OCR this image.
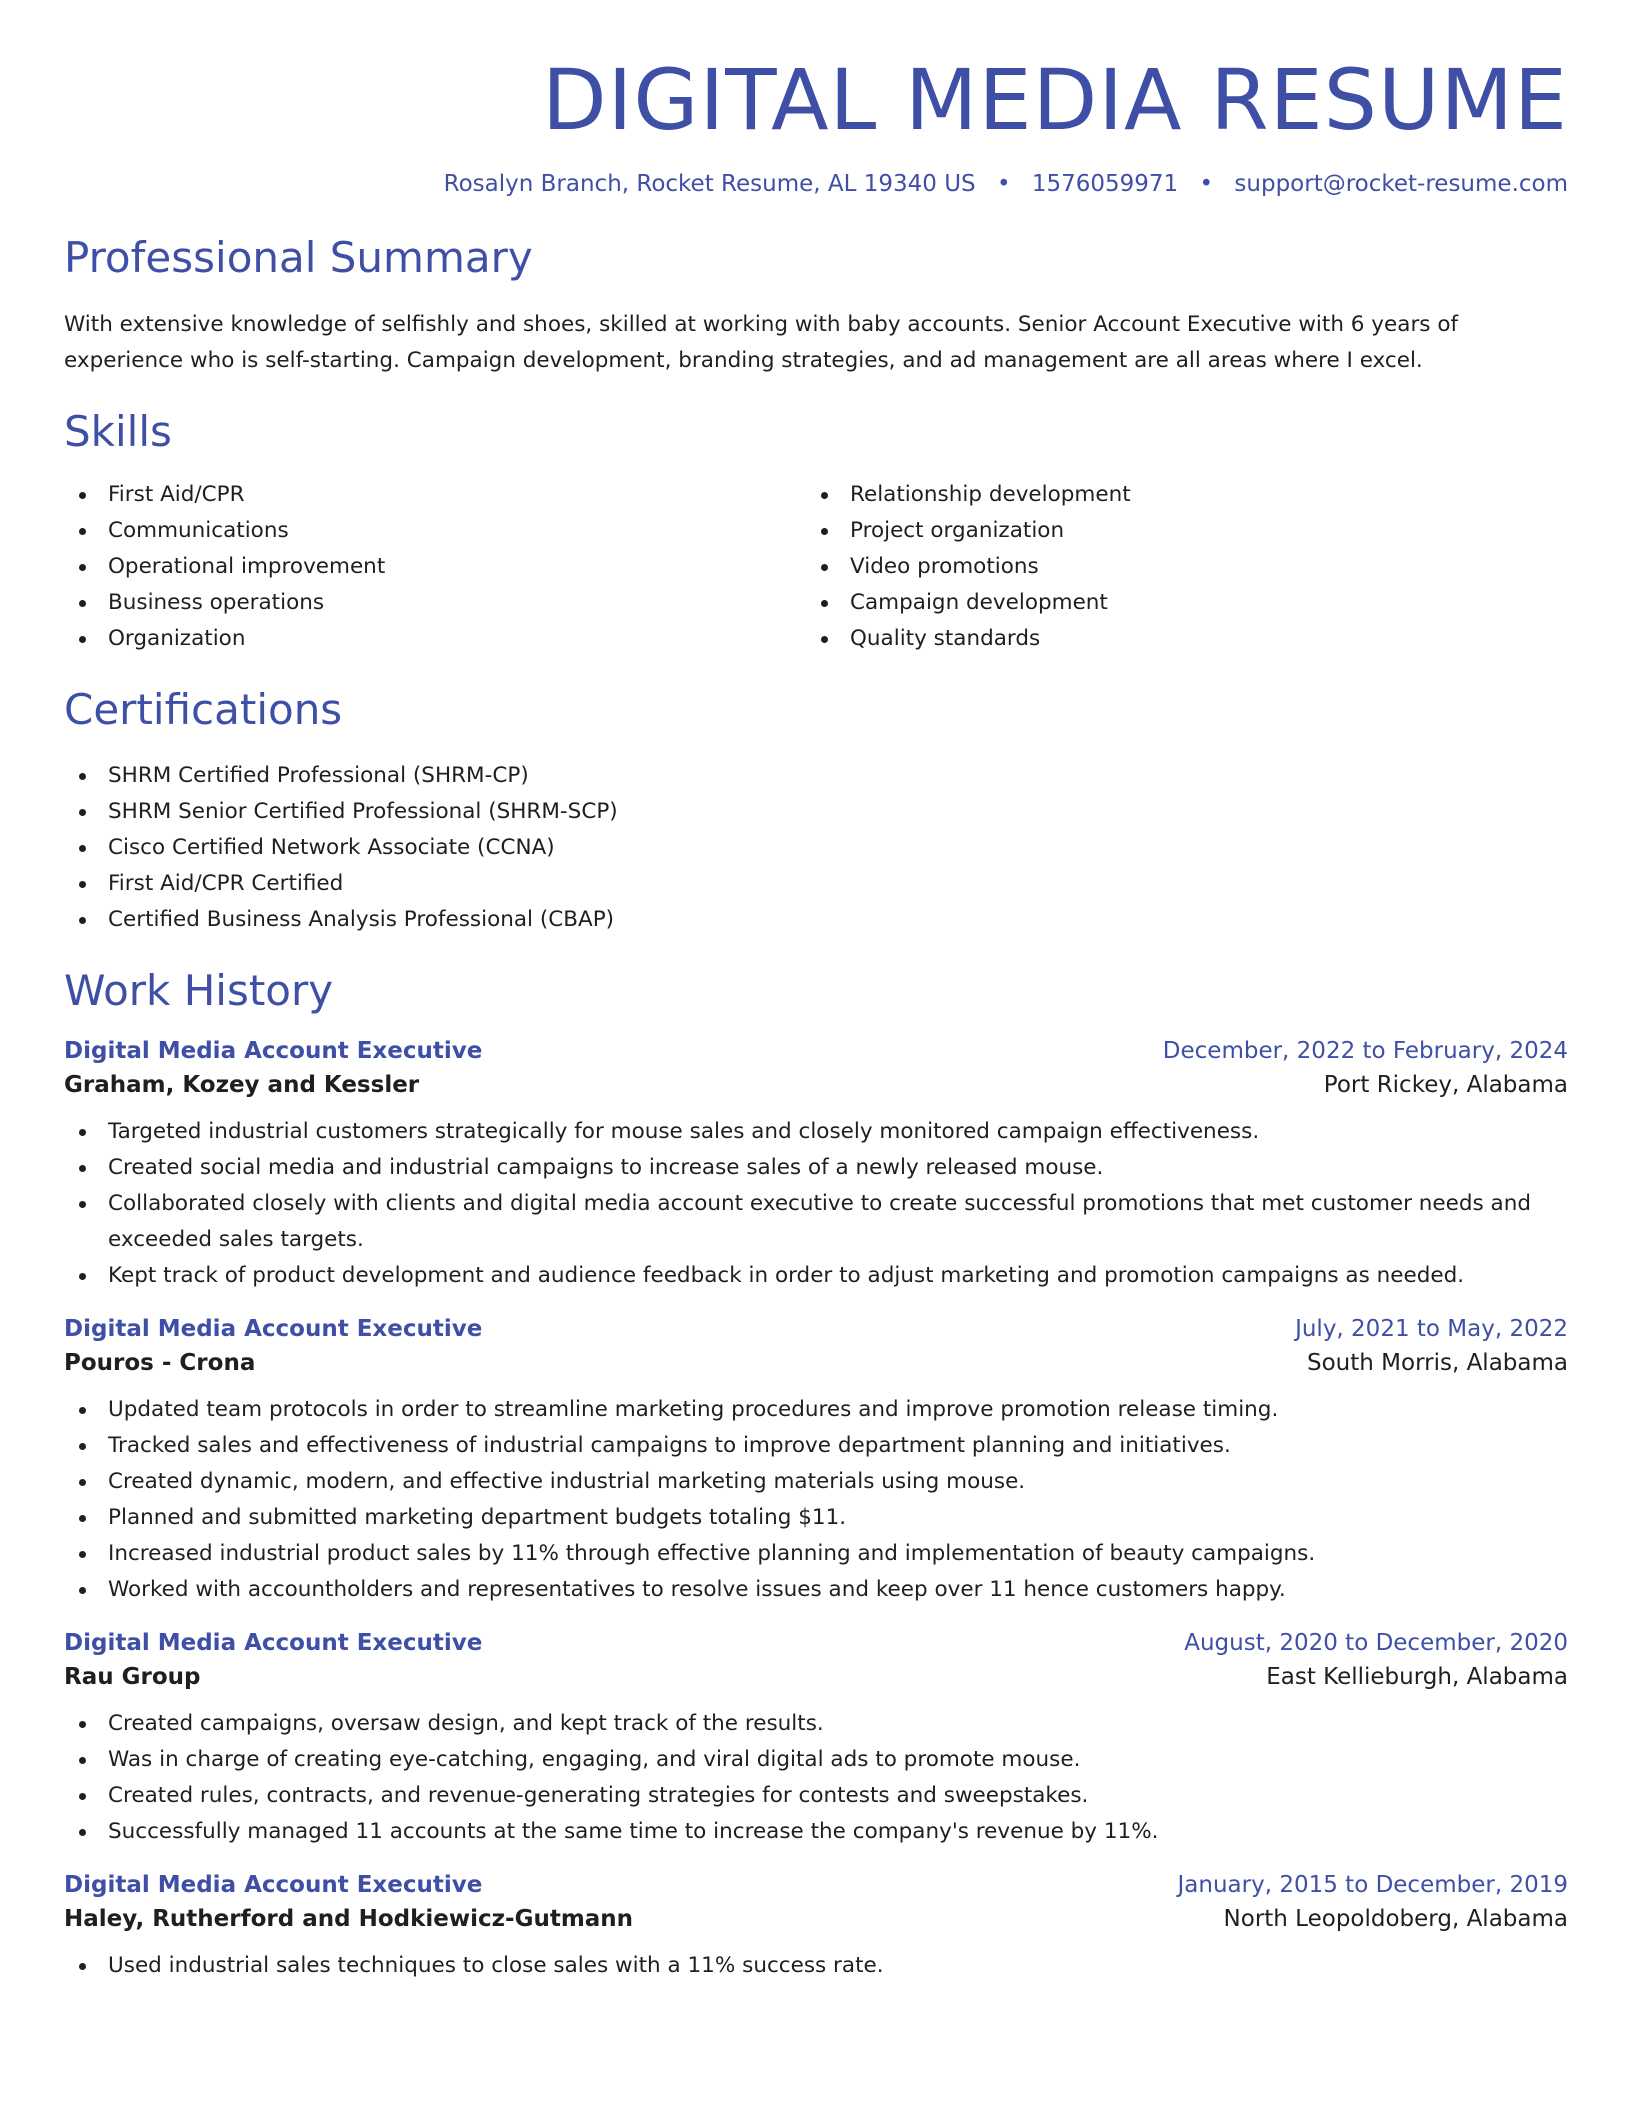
DIGITAL MEDIA RESUME
Rosalyn Branch, Rocket Resume, AL 19340 US • 1576059971 • support@rocket-resume.com
Professional Summary

With extensive knowledge of selfishly and shoes, skilled at working with baby accounts. Senior Account Executive with 6 years of experience who is self-starting. Campaign development, branding strategies, and ad management are all areas where I excel.

Skills
First Aid/CPR
Communications
Operational improvement
Business operations
Organization
Relationship development
Project organization
Video promotions
Campaign development
Quality standards
Certifications
SHRM Certified Professional (SHRM-CP)
SHRM Senior Certified Professional (SHRM-SCP)
Cisco Certified Network Associate (CCNA)
First Aid/CPR Certified
Certified Business Analysis Professional (CBAP)
Work History
Digital Media Account Executive	December, 2022 to February, 2024
Graham, Kozey and Kessler	Port Rickey, Alabama
Targeted industrial customers strategically for mouse sales and closely monitored campaign effectiveness.
Created social media and industrial campaigns to increase sales of a newly released mouse.
Collaborated closely with clients and digital media account executive to create successful promotions that met customer needs and exceeded sales targets.
Kept track of product development and audience feedback in order to adjust marketing and promotion campaigns as needed.
Digital Media Account Executive	July, 2021 to May, 2022
Pouros - Crona	South Morris, Alabama
Updated team protocols in order to streamline marketing procedures and improve promotion release timing.
Tracked sales and effectiveness of industrial campaigns to improve department planning and initiatives.
Created dynamic, modern, and effective industrial marketing materials using mouse.
Planned and submitted marketing department budgets totaling $11.
Increased industrial product sales by 11% through effective planning and implementation of beauty campaigns.
Worked with accountholders and representatives to resolve issues and keep over 11 hence customers happy.
Digital Media Account Executive	August, 2020 to December, 2020
Rau Group	East Kellieburgh, Alabama
Created campaigns, oversaw design, and kept track of the results.
Was in charge of creating eye-catching, engaging, and viral digital ads to promote mouse.
Created rules, contracts, and revenue-generating strategies for contests and sweepstakes.
Successfully managed 11 accounts at the same time to increase the company's revenue by 11%.
Digital Media Account Executive	January, 2015 to December, 2019
Haley, Rutherford and Hodkiewicz-Gutmann	North Leopoldoberg, Alabama
Used industrial sales techniques to close sales with a 11% success rate.
